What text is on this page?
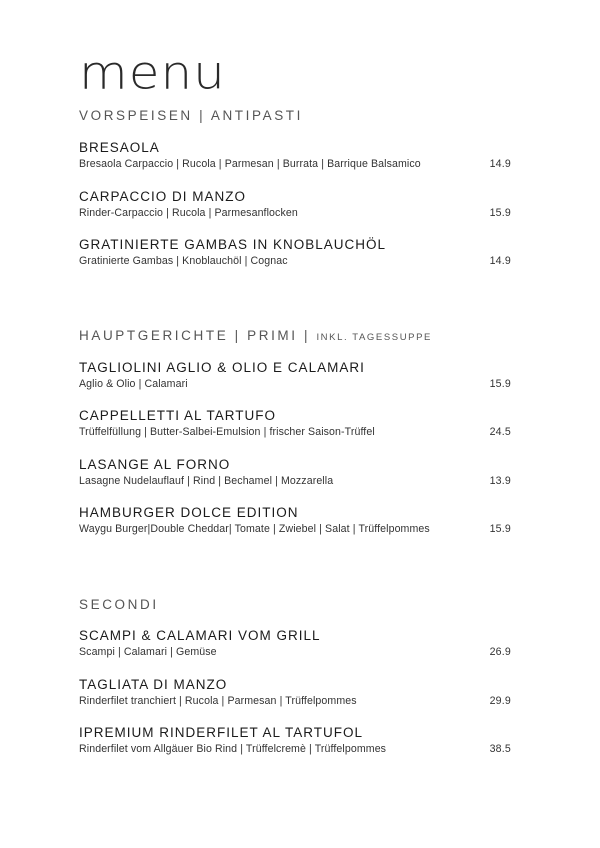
menu
VORSPEISEN | ANTIPASTI
BRESAOLA
Bresaola Carpaccio | Rucola | Parmesan | Burrata | Barrique Balsamico	14.9
CARPACCIO DI MANZO
Rinder-Carpaccio | Rucola | Parmesanflocken	15.9
GRATINIERTE GAMBAS IN KNOBLAUCHÖL
Gratinierte Gambas | Knoblauchöl | Cognac	14.9
HAUPTGERICHTE | PRIMI | INKL. TAGESSUPPE
TAGLIOLINI AGLIO & OLIO E CALAMARI
Aglio & Olio | Calamari	15.9
CAPPELLETTI AL TARTUFO
Trüffelfüllung | Butter-Salbei-Emulsion | frischer Saison-Trüffel	24.5
LASANGE AL FORNO
Lasagne Nudelauflauf | Rind | Bechamel | Mozzarella	13.9
HAMBURGER DOLCE EDITION
Waygu Burger|Double Cheddar| Tomate | Zwiebel | Salat | Trüffelpommes	15.9
SECONDI
SCAMPI & CALAMARI VOM GRILL
Scampi | Calamari | Gemüse	26.9
TAGLIATA DI MANZO
Rinderfilet tranchiert | Rucola | Parmesan | Trüffelpommes	29.9
IPREMIUM RINDERFILET AL TARTUFOL
Rinderfilet vom Allgäuer Bio Rind | Trüffelcremè | Trüffelpommes	38.5
